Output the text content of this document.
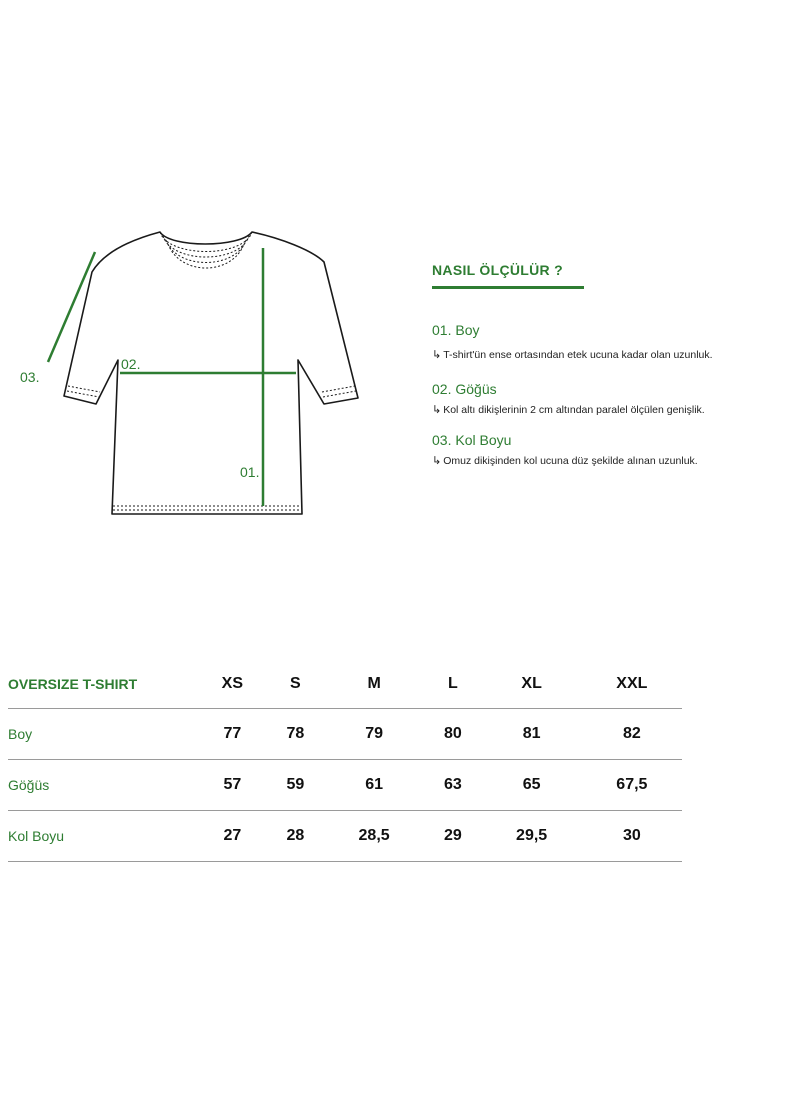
01.
02.
03.
NASIL ÖLÇÜLÜR ?
01. Boy
↳ T-shirt'ün ense ortasından etek ucuna kadar olan uzunluk.
02. Göğüs
↳ Kol altı dikişlerinin 2 cm altından paralel ölçülen genişlik.
03. Kol Boyu
↳ Omuz dikişinden kol ucuna düz şekilde alınan uzunluk.
OVERSIZE T-SHIRT	XS	S	M	L	XL	XXL
Boy	77	78	79	80	81	82
Göğüs	57	59	61	63	65	67,5
Kol Boyu	27	28	28,5	29	29,5	30
